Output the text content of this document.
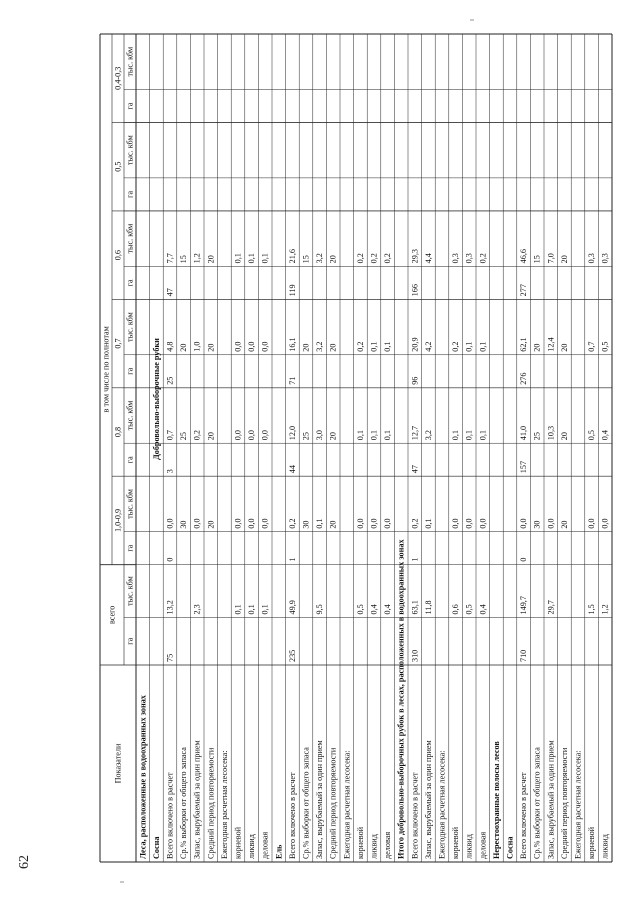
Показатели
всего
в том числе по полнотам
1,0-0,9
0,8
0,7
0,6
0,5
0,4-0,3
га
тыс. кбм
га
тыс. кбм
га
тыс. кбм
га
тыс. кбм
га
тыс. кбм
га
тыс. кбм
га
тыс. кбм
Леса, расположенные в водоохранных зонах Сосна
Добровольно-выборочные рубки
Всего включено в расчет
75
13,2
0
0,0
3
0,7
25
4,8
47
7,7
Ср.% выборки от общего запаса
30
25
20
15
Запас, вырубаемый за один прием
2,3
0,0
0,2
1,0
1,2
Средний период повторяемости
20
20
20
20
Ежегодная расчетная лесосека: корневой
0,1
0,0
0,0
0,0
0,1
ликвид
0,1
0,0
0,0
0,0
0,1
деловая
0,1
0,0
0,0
0,0
0,1
Ель Всего включено в расчет
235
49,9
1
0,2
44
12,0
71
16,1
119
21,6
Ср.% выборки от общего запаса
30
25
20
15
Запас, вырубаемый за один прием
9,5
0,1
3,0
3,2
3,2
Средний период повторяемости
20
20
20
20
Ежегодная расчетная лесосека: корневой
0,5
0,0
0,1
0,2
0,2
ликвид
0,4
0,0
0,1
0,1
0,2
деловая
0,4
0,0
0,1
0,1
0,2
Итого добровольно-выборочных рубок в лесах, расположенных в водоохранных зонах Всего включено в расчет
310
63,1
1
0,2
47
12,7
96
20,9
166
29,3
Запас, вырубаемый за один прием
11,8
0,1
3,2
4,2
4,4
Ежегодная расчетная лесосека: корневой
0,6
0,0
0,1
0,2
0,3
ликвид
0,5
0,0
0,1
0,1
0,3
деловая
0,4
0,0
0,1
0,1
0,2
Нерестоохранные полосы лесов Сосна Всего включено в расчет
710
149,7
0
0,0
157
41,0
276
62,1
277
46,6
Ср.% выборки от общего запаса
30
25
20
15
Запас, вырубаемый за один прием
29,7
0,0
10,3
12,4
7,0
Средний период повторяемости
20
20
20
20
Ежегодная расчетная лесосека: корневой
1,5
0,0
0,5
0,7
0,3
ликвид
1,2
0,0
0,4
0,5
0,3
62
